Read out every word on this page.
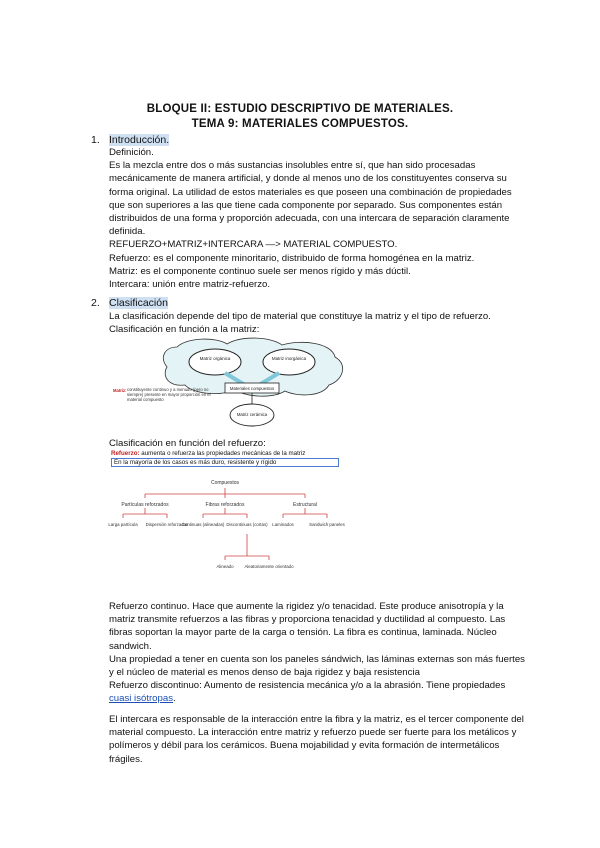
BLOQUE II: ESTUDIO DESCRIPTIVO DE MATERIALES.
TEMA 9: MATERIALES COMPUESTOS.
1. Introducción.

Definición.

Es la mezcla entre dos o más sustancias insolubles entre sí, que han sido procesadas mecánicamente de manera artificial, y donde al menos uno de los constituyentes conserva su forma original. La utilidad de estos materiales es que poseen una combinación de propiedades que son superiores a las que tiene cada componente por separado. Sus componentes están distribuidos de una forma y proporción adecuada, con una intercara de separación claramente definida.

REFUERZO+MATRIZ+INTERCARA —> MATERIAL COMPUESTO.

Refuerzo: es el componente minoritario, distribuido de forma homogénea en la matriz.

Matriz: es el componente continuo suele ser menos rígido y más dúctil.

Intercara: unión entre matriz-refuerzo.

2. Clasificación

La clasificación depende del tipo de material que constituye la matriz y el tipo de refuerzo.

Clasificación en función a la matriz:

Matriz orgánica	Matriz inorgánica
Materiales compuestos
Matriz cerámica
Matriz: constituyente continuo y a menudo (pero no siempre) presente en mayor proporción en el material compuesto
Clasificación en función del refuerzo:
Refuerzo: aumenta o refuerza las propiedades mecánicas de la matriz
En la mayoría de los casos es más duro, resistente y rígido
Compuestos
Partículas reforzados	Fibras reforzados	Estructural
Larga partícula Dispersión reforzados
Continuas (alineadas) Discontinuas (cortas) Laminados	Sandwich paneles
Alineado Aleatoriamente orientado

Refuerzo continuo. Hace que aumente la rigidez y/o tenacidad. Este produce anisotropía y la matriz transmite refuerzos a las fibras y proporciona tenacidad y ductilidad al compuesto. Las fibras soportan la mayor parte de la carga o tensión. La fibra es continua, laminada. Núcleo sandwich.

Una propiedad a tener en cuenta son los paneles sándwich, las láminas externas son más fuertes y el núcleo de material es menos denso de baja rigidez y baja resistencia

Refuerzo discontinuo: Aumento de resistencia mecánica y/o a la abrasión. Tiene propiedades cuasi isótropas.

El intercara es responsable de la interacción entre la fibra y la matriz, es el tercer componente del material compuesto. La interacción entre matriz y refuerzo puede ser fuerte para los metálicos y polímeros y débil para los cerámicos. Buena mojabilidad y evita formación de intermetálicos frágiles.
